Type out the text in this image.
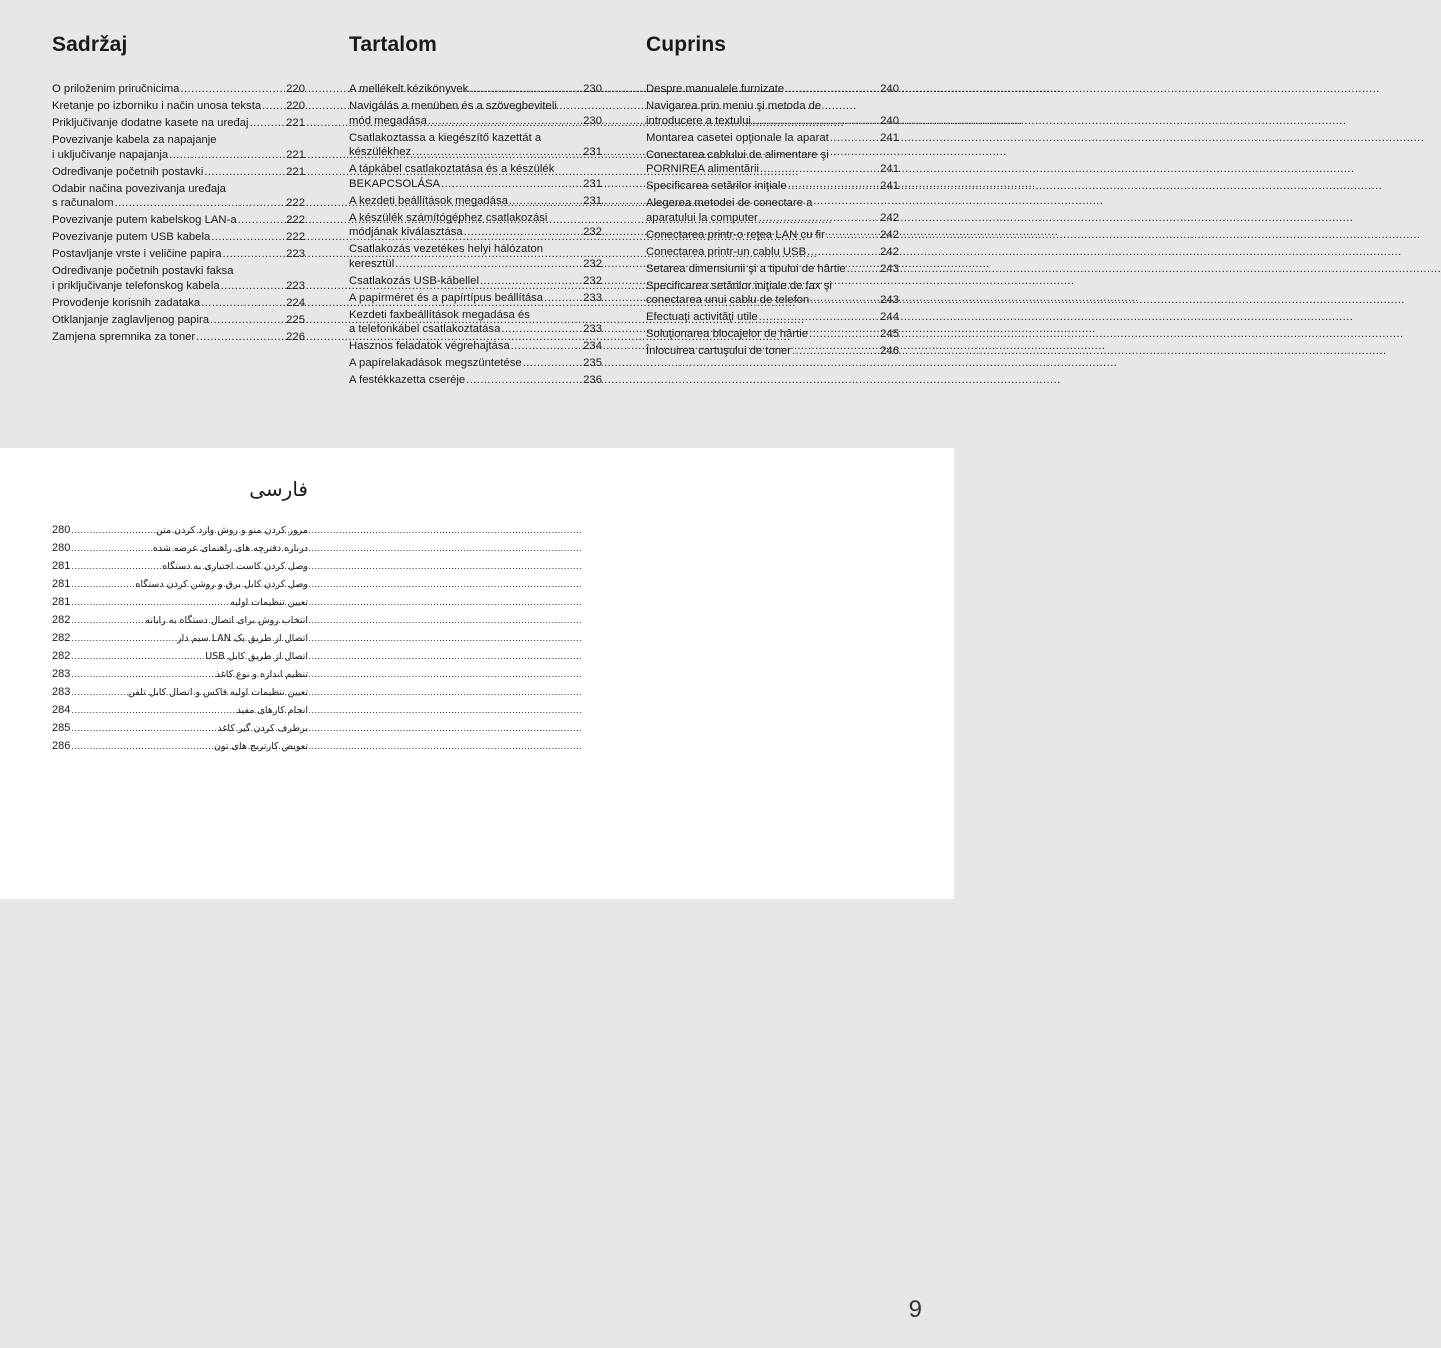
Sadržaj
O priloženim priručnicima .....	220
Kretanje po izborniku i način unosa teksta ..... 220
Priključivanje dodatne kasete na uređaj .....	221
Povezivanje kabela za napajanje
i uključivanje napajanja .....	221
Određivanje početnih postavki .....	221
Odabir načina povezivanja uređaja
s računalom .....	222
Povezivanje putem kabelskog LAN-a .....	222
Povezivanje putem USB kabela .....	222
Postavljanje vrste i veličine papira .....	223
Određivanje početnih postavki faksa
i priključivanje telefonskog kabela .....	223
Provođenje korisnih zadataka .....	224
Otklanjanje zaglavljenog papira .....	225
Zamjena spremnika za toner .....	226
Tartalom
A mellékelt kézikönyvek .....	230
Navigálás a menüben és a szövegbeviteli
mód megadása .....	230
Csatlakoztassa a kiegészítő kazettát a
készülékhez .....	231
A tápkábel csatlakoztatása és a készülék
BEKAPCSOLÁSA .....	231
A kezdeti beállítások megadása .....	231
A készülék számítógéphez csatlakozási
módjának kiválasztása .....	232
Csatlakozás vezetékes helyi hálózaton
keresztül .....	232
Csatlakozás USB-kábellel .....	232
A papírméret és a papírtípus beállítása .....	233
Kezdeti faxbeállítások megadása és
a telefonkábel csatlakoztatása .....	233
Hasznos feladatok végrehajtása .....	234
A papírelakadások megszüntetése .....	235
A festékkazetta cseréje .....	236
Cuprins
Despre manualele furnizate .....	240
Navigarea prin meniu şi metoda de
introducere a textului .....	240
Montarea casetei opţionale la aparat .....	241
Conectarea cablului de alimentare şi
PORNIREA alimentării .....	241
Specificarea setărilor iniţiale .....	241
Alegerea metodei de conectare a
aparatului la computer .....	242
Conectarea printr-o reţea LAN cu fir .....	242
Conectarea printr-un cablu USB .....	242
Setarea dimensiunii şi a tipului de hârtie .....	243
Specificarea setărilor iniţiale de fax şi
conectarea unui cablu de telefon .....	243
Efectuaţi activităţi utile .....	244
Soluţionarea blocajelor de hârtie .....	245
Înlocuirea cartuşului de toner .....	246
فارسی
280 .....	مرور کردن منو و روش وارد کردن متن
280 .....	درباره دفترچه های راهنمای عرضه شده
281 .....	وصل کردن کاست اختیاری به دستگاه
281 .....	وصل کردن کابل برق و روشن کردن دستگاه
281 .....	تعیین تنظیمات اولیه
282 .....	انتخاب روش برای اتصال دستگاه به رایانه
282 .....	اتصال از طریق یک LAN سیم دار
282 .....	اتصال از طریق کابل USB
283 .....	تنظیم اندازه و نوع کاغذ
283 .....	تعیین تنظیمات اولیه فاکس و اتصال کابل تلفن
284 .....	انجام کارهای مفید
285 .....	برطرف کردن گیر کاغذ
286 .....	تعویض کارتریج های تون
9
